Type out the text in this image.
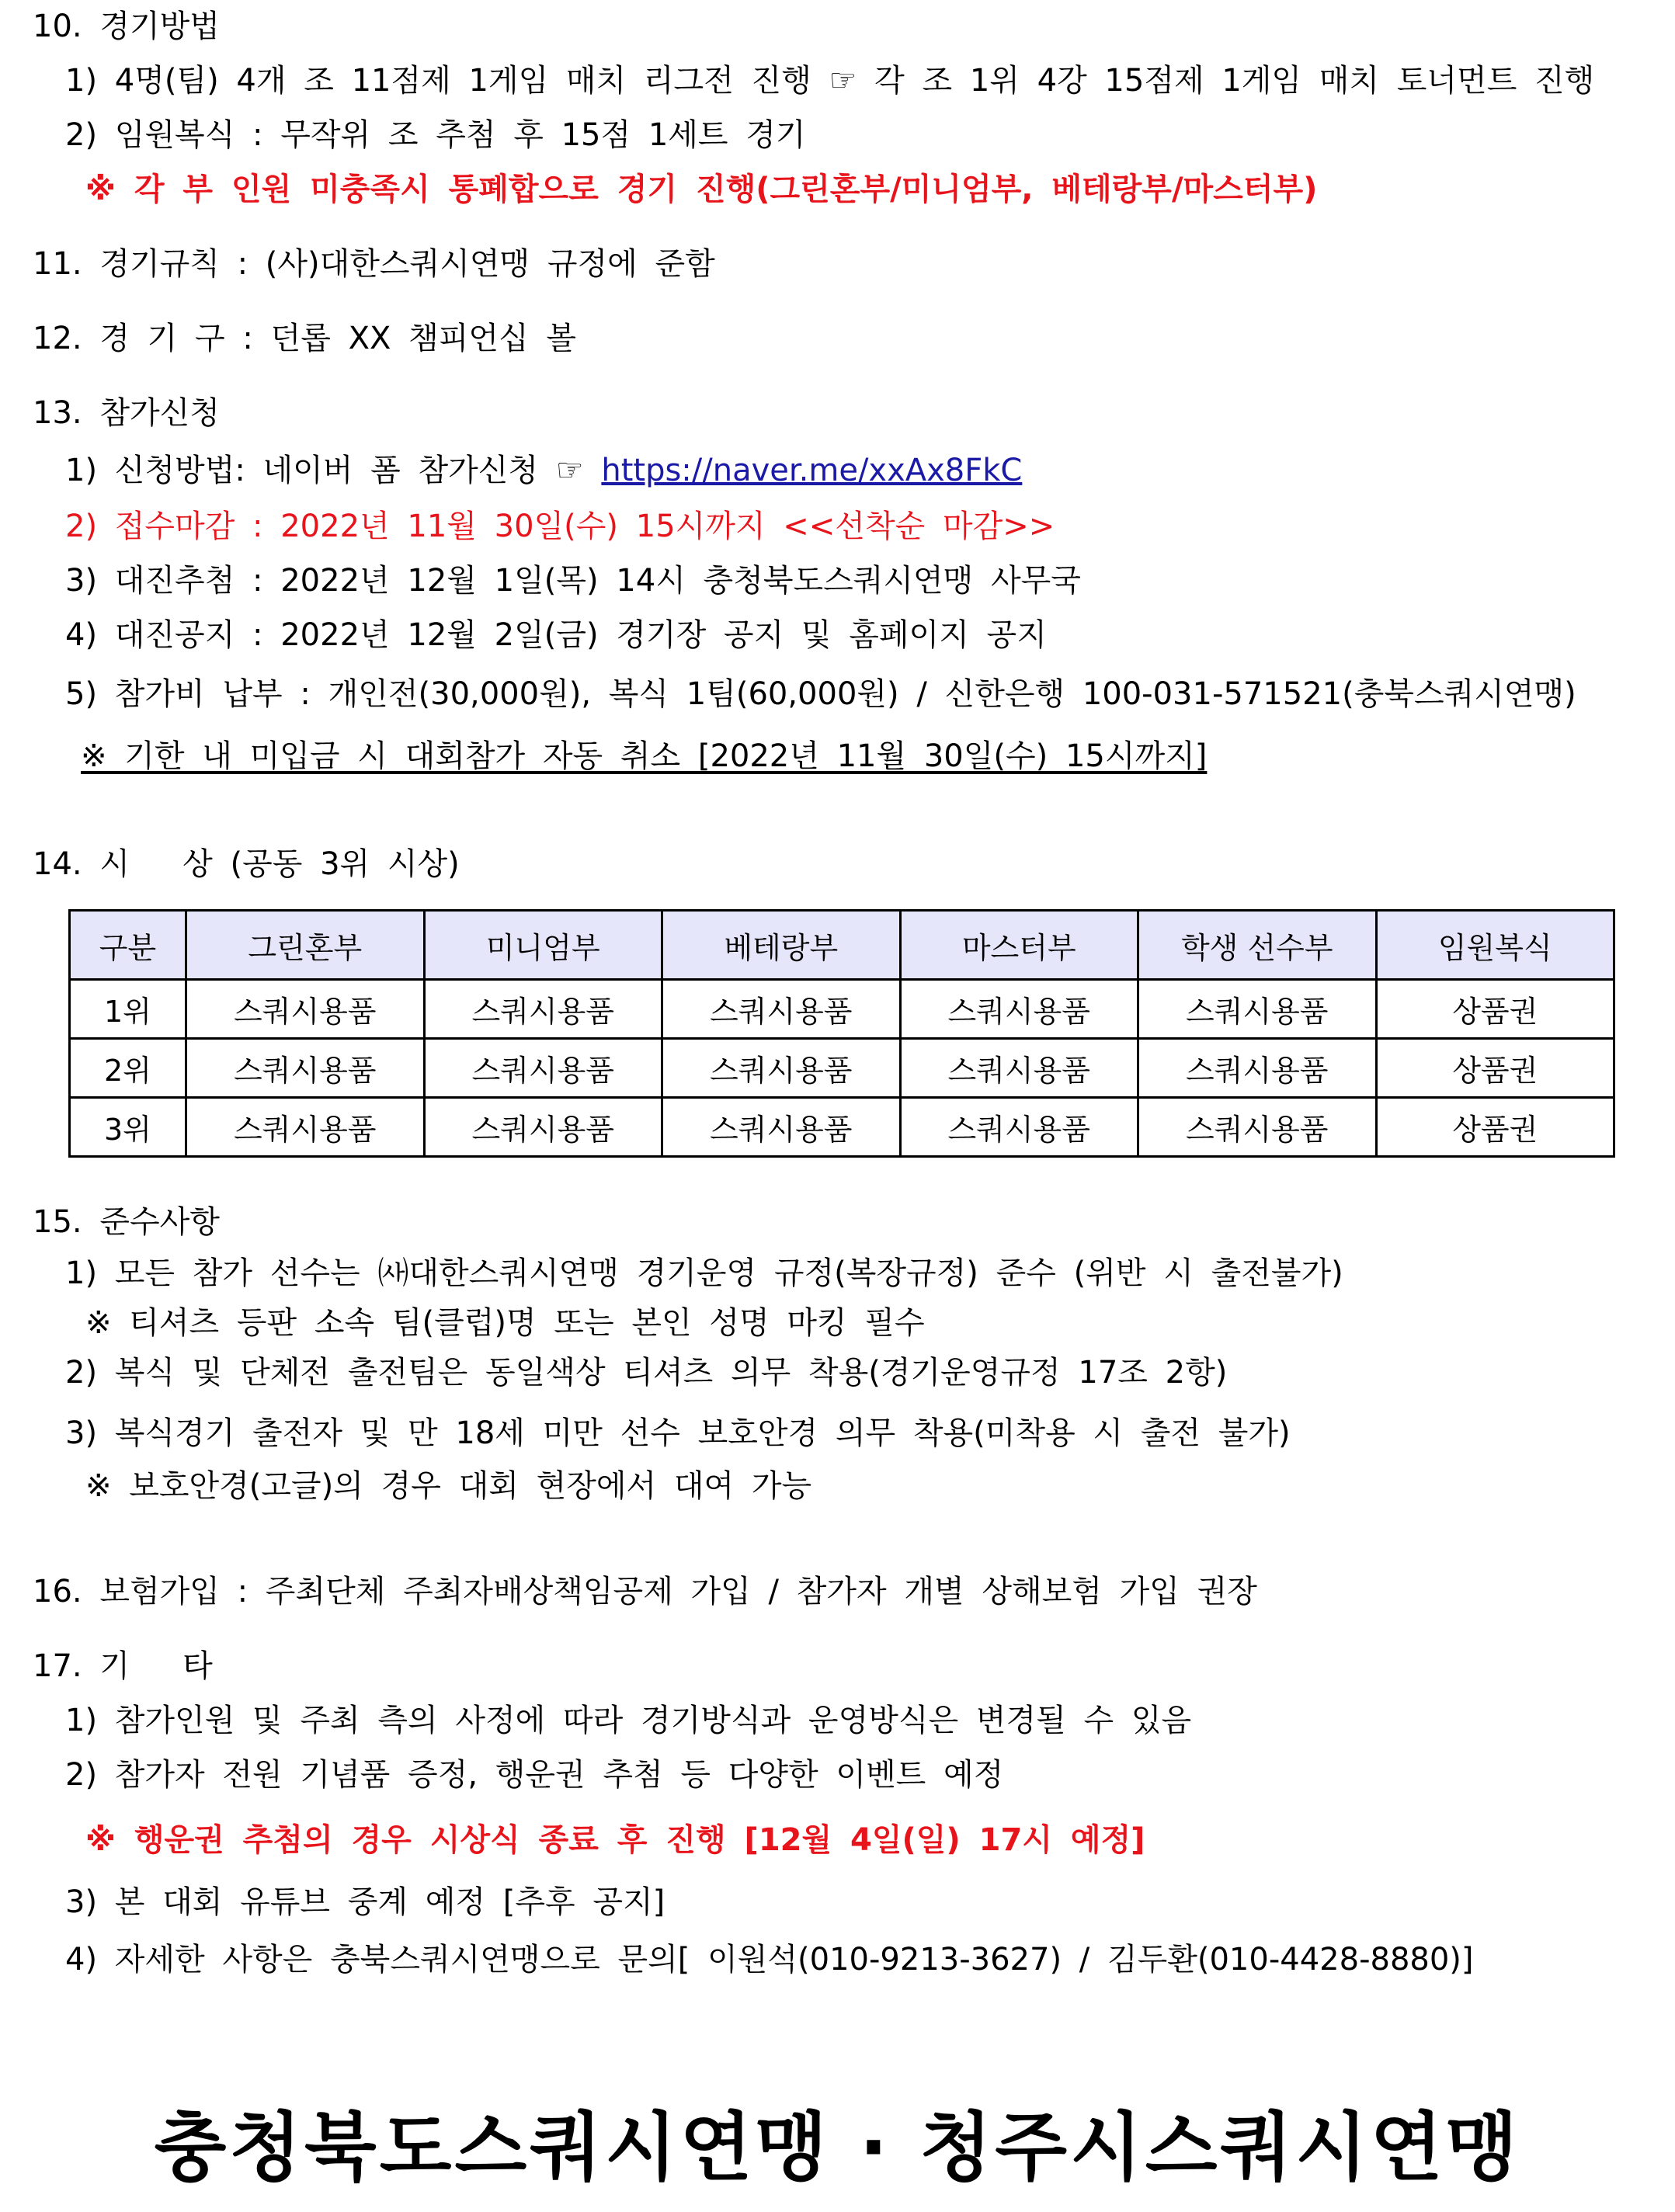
10. 경기방법
1) 4명(팀) 4개 조 11점제 1게임 매치 리그전 진행 ☞ 각 조 1위 4강 15점제 1게임 매치 토너먼트 진행
2) 임원복식 : 무작위 조 추첨 후 15점 1세트 경기
※ 각 부 인원 미충족시 통폐합으로 경기 진행(그린혼부/미니엄부, 베테랑부/마스터부)
11. 경기규칙 : (사)대한스쿼시연맹 규정에 준함
12. 경 기 구 : 던롭 XX 챔피언십 볼
13. 참가신청
1) 신청방법: 네이버 폼 참가신청 ☞ https://naver.me/xxAx8FkC
2) 접수마감 : 2022년 11월 30일(수) 15시까지 <<선착순 마감>>
3) 대진추첨 : 2022년 12월 1일(목) 14시 충청북도스쿼시연맹 사무국
4) 대진공지 : 2022년 12월 2일(금) 경기장 공지 및 홈페이지 공지
5) 참가비 납부 : 개인전(30,000원), 복식 1팀(60,000원) / 신한은행 100-031-571521(충북스쿼시연맹)
※ 기한 내 미입금 시 대회참가 자동 취소 [2022년 11월 30일(수) 15시까지]
14. 시   상 (공동 3위 시상)
구분	그린혼부	미니엄부	베테랑부	마스터부	학생 선수부	임원복식
1위	스쿼시용품	스쿼시용품	스쿼시용품	스쿼시용품	스쿼시용품	상품권
2위	스쿼시용품	스쿼시용품	스쿼시용품	스쿼시용품	스쿼시용품	상품권
3위	스쿼시용품	스쿼시용품	스쿼시용품	스쿼시용품	스쿼시용품	상품권
15. 준수사항
1) 모든 참가 선수는 ㈔대한스쿼시연맹 경기운영 규정(복장규정) 준수 (위반 시 출전불가)
※ 티셔츠 등판 소속 팀(클럽)명 또는 본인 성명 마킹 필수
2) 복식 및 단체전 출전팀은 동일색상 티셔츠 의무 착용(경기운영규정 17조 2항)
3) 복식경기 출전자 및 만 18세 미만 선수 보호안경 의무 착용(미착용 시 출전 불가)
※ 보호안경(고글)의 경우 대회 현장에서 대여 가능
16. 보험가입 : 주최단체 주최자배상책임공제 가입 / 참가자 개별 상해보험 가입 권장
17. 기   타
1) 참가인원 및 주최 측의 사정에 따라 경기방식과 운영방식은 변경될 수 있음
2) 참가자 전원 기념품 증정, 행운권 추첨 등 다양한 이벤트 예정
※ 행운권 추첨의 경우 시상식 종료 후 진행 [12월 4일(일) 17시 예정]
3) 본 대회 유튜브 중계 예정 [추후 공지]
4) 자세한 사항은 충북스쿼시연맹으로 문의[ 이원석(010-9213-3627) / 김두환(010-4428-8880)]
충청북도스쿼시연맹 · 청주시스쿼시연맹
